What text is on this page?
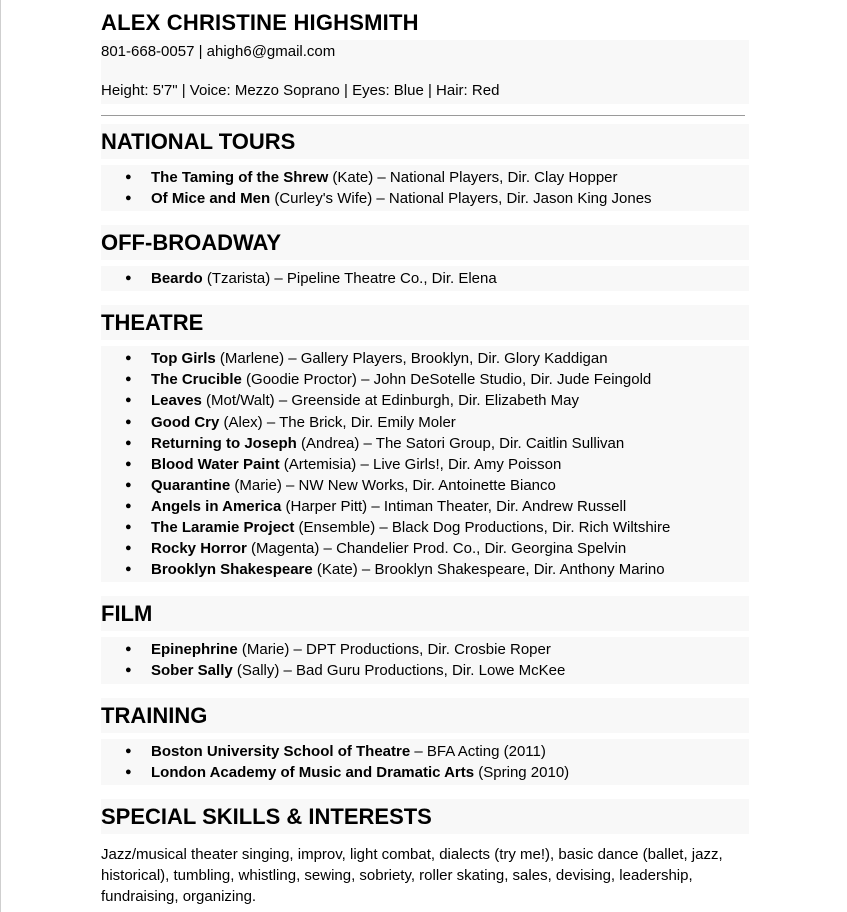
ALEX CHRISTINE HIGHSMITH
801-668-0057 | ahigh6@gmail.com
Height: 5'7" | Voice: Mezzo Soprano | Eyes: Blue | Hair: Red
NATIONAL TOURS
● The Taming of the Shrew (Kate) – National Players, Dir. Clay Hopper
● Of Mice and Men (Curley's Wife) – National Players, Dir. Jason King Jones
OFF-BROADWAY
● Beardo (Tzarista) – Pipeline Theatre Co., Dir. Elena
THEATRE
● Top Girls (Marlene) – Gallery Players, Brooklyn, Dir. Glory Kaddigan
● The Crucible (Goodie Proctor) – John DeSotelle Studio, Dir. Jude Feingold
● Leaves (Mot/Walt) – Greenside at Edinburgh, Dir. Elizabeth May
● Good Cry (Alex) – The Brick, Dir. Emily Moler
● Returning to Joseph (Andrea) – The Satori Group, Dir. Caitlin Sullivan
● Blood Water Paint (Artemisia) – Live Girls!, Dir. Amy Poisson
● Quarantine (Marie) – NW New Works, Dir. Antoinette Bianco
● Angels in America (Harper Pitt) – Intiman Theater, Dir. Andrew Russell
● The Laramie Project (Ensemble) – Black Dog Productions, Dir. Rich Wiltshire
● Rocky Horror (Magenta) – Chandelier Prod. Co., Dir. Georgina Spelvin
● Brooklyn Shakespeare (Kate) – Brooklyn Shakespeare, Dir. Anthony Marino
FILM
● Epinephrine (Marie) – DPT Productions, Dir. Crosbie Roper
● Sober Sally (Sally) – Bad Guru Productions, Dir. Lowe McKee
TRAINING
● Boston University School of Theatre – BFA Acting (2011)
● London Academy of Music and Dramatic Arts (Spring 2010)
SPECIAL SKILLS & INTERESTS
Jazz/musical theater singing, improv, light combat, dialects (try me!), basic dance (ballet, jazz, historical), tumbling, whistling, sewing, sobriety, roller skating, sales, devising, leadership, fundraising, organizing.
